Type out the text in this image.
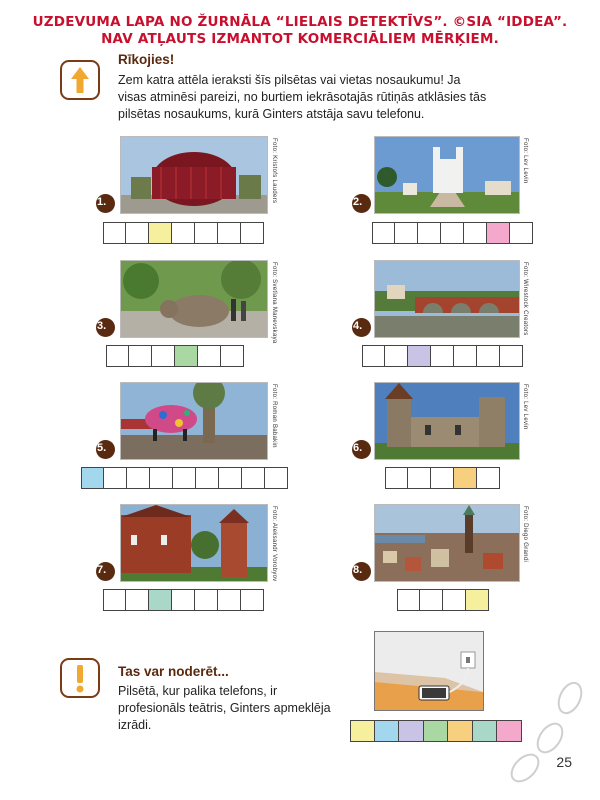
UZDEVUMA LAPA NO ŽURNĀLA “LIELAIS DETEKTĪVS”. ©SIA “IDDEA”.
NAV ATĻAUTS IZMANTOT KOMERCIĀLIEM MĒRĶIEM.
Rīkojies!
Zem katra attēla ieraksti šīs pilsētas vai vietas nosaukumu! Ja visas atminēsi pareizi, no burtiem iekrāsotajās rūtiņās atklāsies tās pilsētas nosaukums, kurā Ginters atstāja savu telefonu.
Foto: Kristofs Lauders
1.
Foto: Lev Levin
2.
Foto: Svetlana Manevskaya
3.	Foto: Wirestock Creators
4.
Foto: Roman Babakin
5.
Foto: Lev Levin
6.
Foto: Aleksandr Vorobyov
7.
Foto: Diego Grandi
8.
Tas var noderēt...
Pilsētā, kur palika telefons, ir profesionāls teātris, Ginters apmeklēja izrādi.
25
